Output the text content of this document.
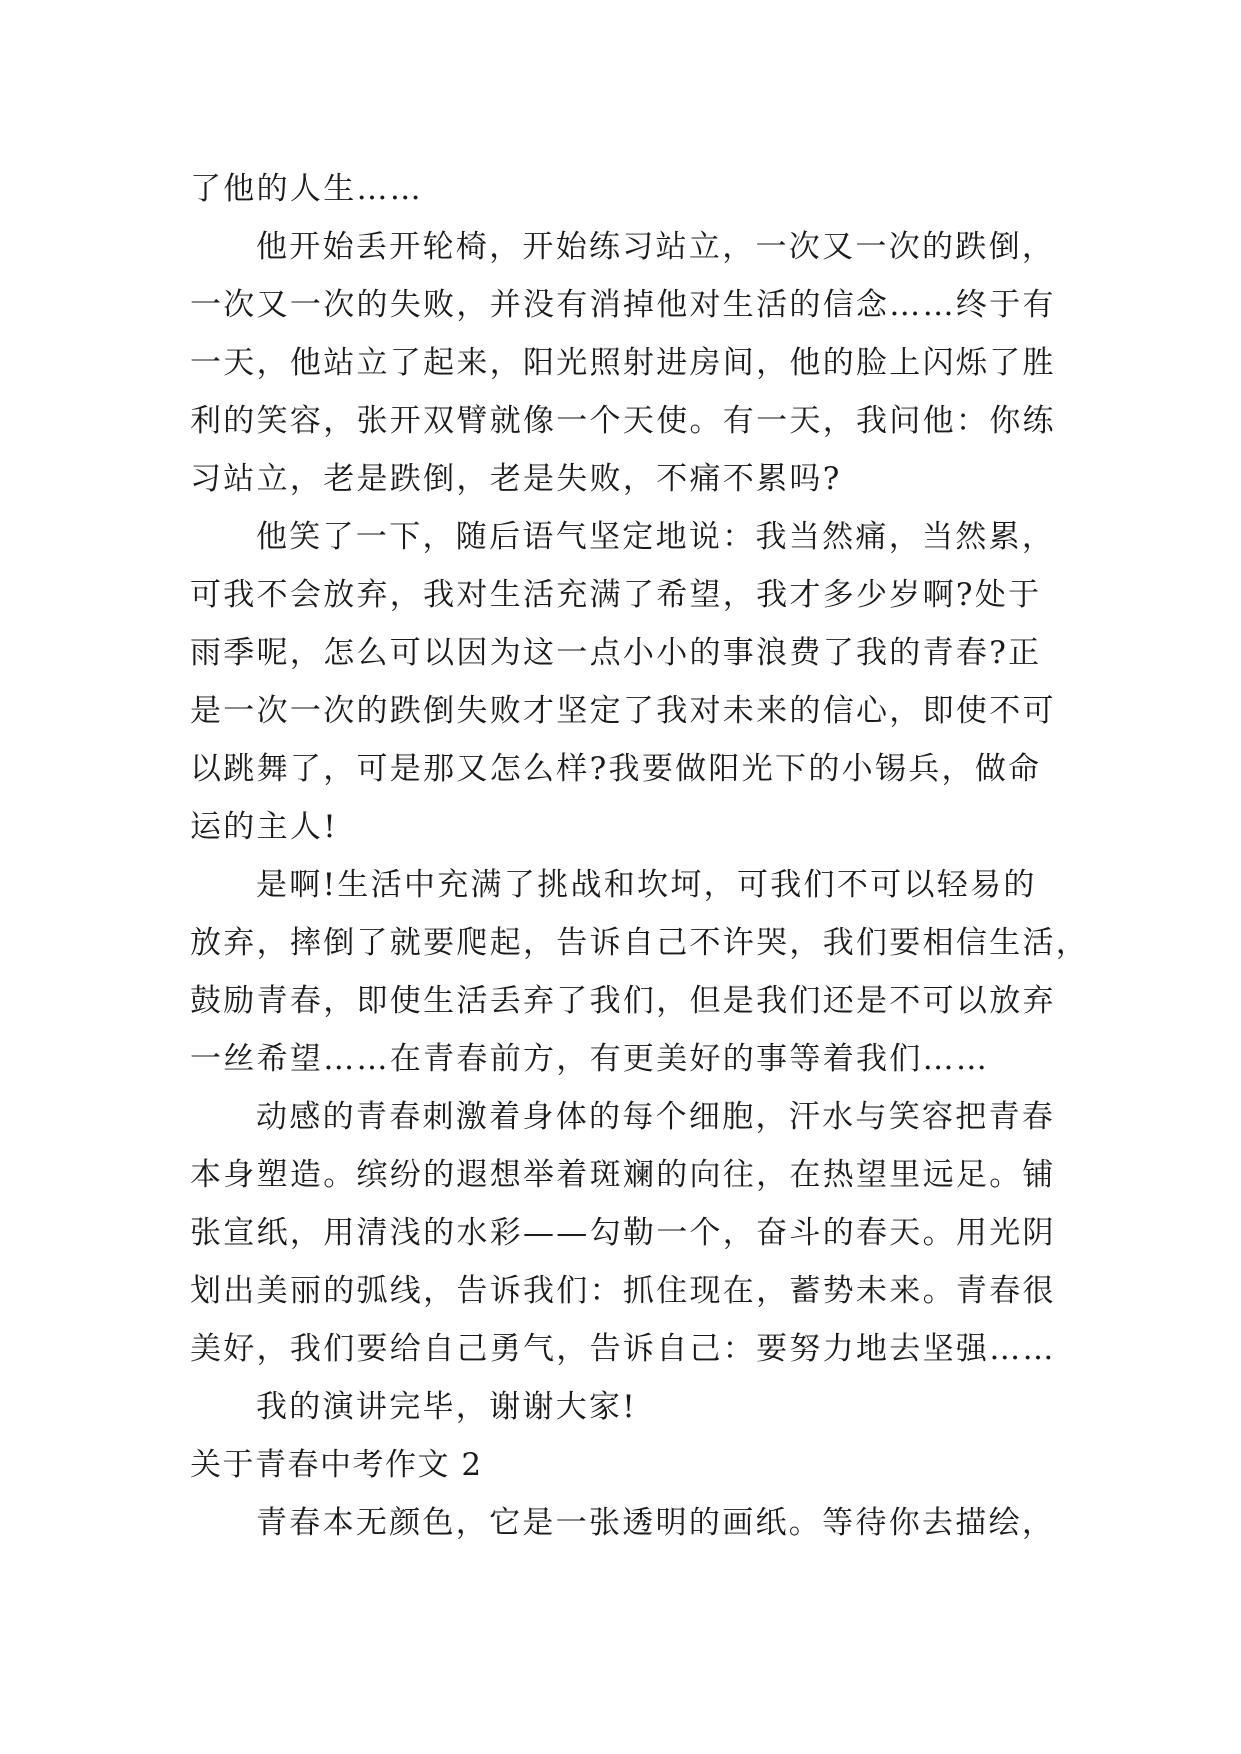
了他的人生……
他开始丢开轮椅，开始练习站立，一次又一次的跌倒，
一次又一次的失败，并没有消掉他对生活的信念……终于有
一天，他站立了起来，阳光照射进房间，他的脸上闪烁了胜
利的笑容，张开双臂就像一个天使。有一天，我问他：你练
习站立，老是跌倒，老是失败，不痛不累吗?
他笑了一下，随后语气坚定地说：我当然痛，当然累，
可我不会放弃，我对生活充满了希望，我才多少岁啊?处于
雨季呢，怎么可以因为这一点小小的事浪费了我的青春?正
是一次一次的跌倒失败才坚定了我对未来的信心，即使不可
以跳舞了，可是那又怎么样?我要做阳光下的小锡兵，做命
运的主人!
是啊!生活中充满了挑战和坎坷，可我们不可以轻易的
放弃，摔倒了就要爬起，告诉自己不许哭，我们要相信生活，
鼓励青春，即使生活丢弃了我们，但是我们还是不可以放弃
一丝希望……在青春前方，有更美好的事等着我们……
动感的青春刺激着身体的每个细胞，汗水与笑容把青春
本身塑造。缤纷的遐想举着斑斓的向往，在热望里远足。铺
张宣纸，用清浅的水彩——勾勒一个，奋斗的春天。用光阴
划出美丽的弧线，告诉我们：抓住现在，蓄势未来。青春很
美好，我们要给自己勇气，告诉自己：要努力地去坚强……
我的演讲完毕，谢谢大家!
关于青春中考作文 2
青春本无颜色，它是一张透明的画纸。等待你去描绘，
